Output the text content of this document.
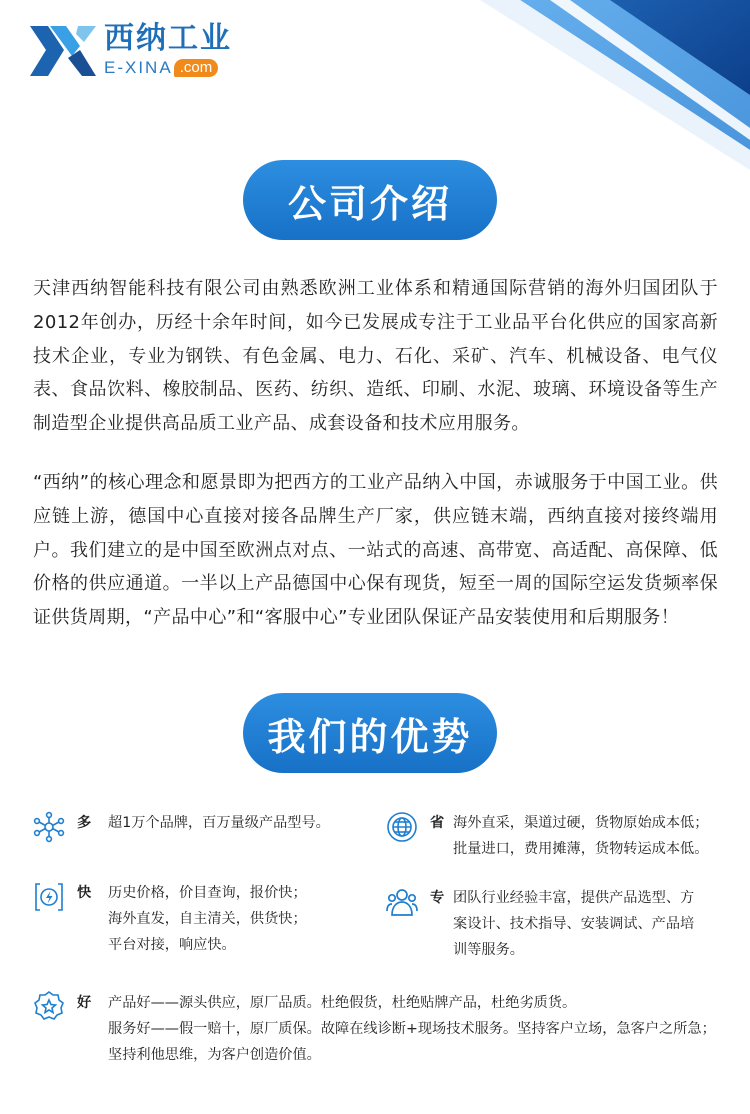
西纳工业
E-XINA .com
公司介绍

天津西纳智能科技有限公司由熟悉欧洲工业体系和精通国际营销的海外归国团队于2012年创办，历经十余年时间，如今已发展成专注于工业品平台化供应的国家高新技术企业，专业为钢铁、有色金属、电力、石化、采矿、汽车、机械设备、电气仪表、食品饮料、橡胶制品、医药、纺织、造纸、印刷、水泥、玻璃、环境设备等生产制造型企业提供高品质工业产品、成套设备和技术应用服务。

“西纳”的核心理念和愿景即为把西方的工业产品纳入中国，赤诚服务于中国工业。供应链上游，德国中心直接对接各品牌生产厂家，供应链末端，西纳直接对接终端用户。我们建立的是中国至欧洲点对点、一站式的高速、高带宽、高适配、高保障、低价格的供应通道。一半以上产品德国中心保有现货，短至一周的国际空运发货频率保证供货周期，“产品中心”和“客服中心”专业团队保证产品安装使用和后期服务！

我们的优势
多 超1万个品牌，百万量级产品型号。
快 历史价格，价目查询，报价快；
海外直发，自主清关，供货快；
平台对接，响应快。
好 产品好——源头供应，原厂品质。杜绝假货，杜绝贴牌产品，杜绝劣质货。
服务好——假一赔十，原厂质保。故障在线诊断+现场技术服务。坚持客户立场，急客户之所急；
坚持利他思维，为客户创造价值。
省 海外直采，渠道过硬，货物原始成本低；
批量进口，费用摊薄，货物转运成本低。
专 团队行业经验丰富，提供产品选型、方
案设计、技术指导、安装调试、产品培
训等服务。
